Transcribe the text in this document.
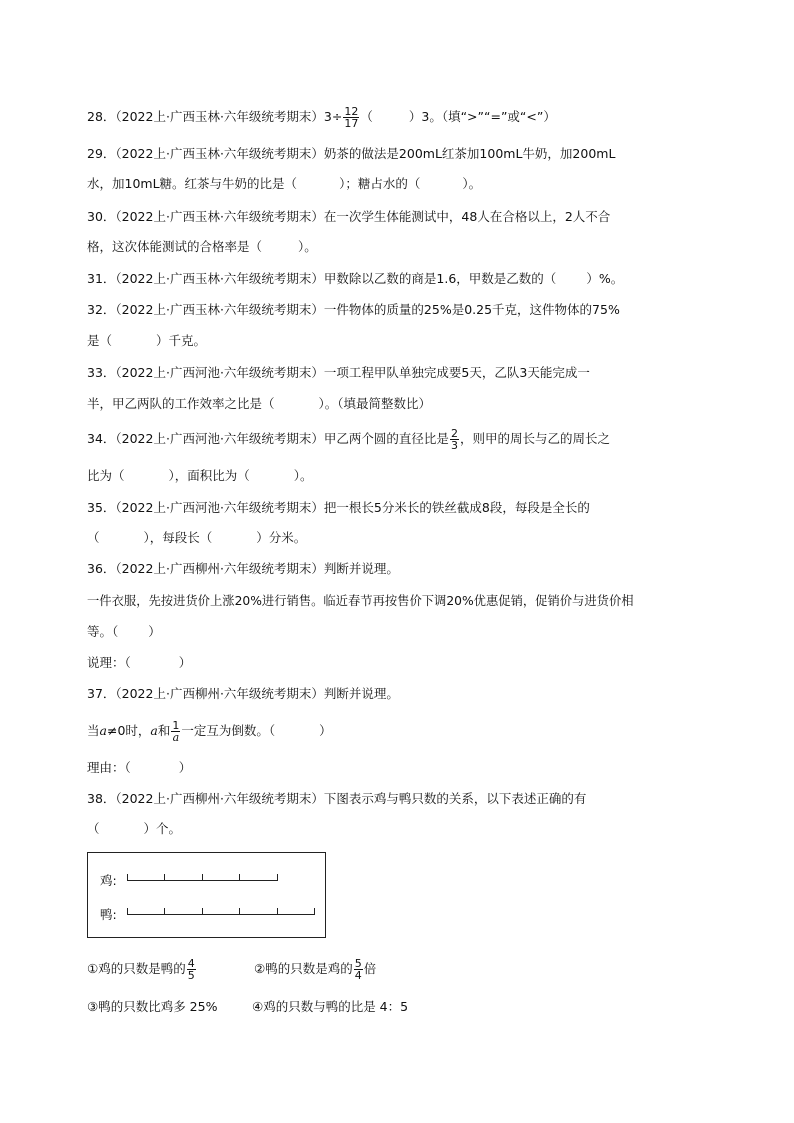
28．（2022上·广西玉林·六年级统考期末）$3\div \frac{12}{17}$ （	）3。（填“>”“=”或“<”）
29．（2022上·广西玉林·六年级统考期末）奶茶的做法是200mL红茶加100mL牛奶，加200mL
水，加10mL糖。红茶与牛奶的比是（	）；糖占水的（	）。
30．（2022上·广西玉林·六年级统考期末）在一次学生体能测试中，48人在合格以上，2人不合
格，这次体能测试的合格率是（	）。
31．（2022上·广西玉林·六年级统考期末）甲数除以乙数的商是1.6，甲数是乙数的（ ）%。
32．（2022上·广西玉林·六年级统考期末）一件物体的质量的25%是0.25千克，这件物体的75%
是（	）千克。
33．（2022上·广西河池·六年级统考期末）一项工程甲队单独完成要5天，乙队3天能完成一
半，甲乙两队的工作效率之比是（	）。（填最简整数比）
34．（2022上·广西河池·六年级统考期末）甲乙两个圆的直径比是 $\frac{2}{3}$ ，则甲的周长与乙的周长之
比为（	），面积比为（	）。
35．（2022上·广西河池·六年级统考期末）把一根长5分米长的铁丝截成8段，每段是全长的
（	），每段长（	）分米。
36．（2022上·广西柳州·六年级统考期末）判断并说理。
一件衣服，先按进货价上涨20%进行销售。临近春节再按售价下调20%优惠促销，促销价与进货价相
等。（ ）
说理：（	）
37．（2022上·广西柳州·六年级统考期末）判断并说理。
当a≠0时，a和 $\frac{1}{a}$ 一定互为倒数。（	）
理由：（	）
38．（2022上·广西柳州·六年级统考期末）下图表示鸡与鸭只数的关系，以下表述正确的有
（	）个。
鸡:
鸭:
①鸡的只数是鸭的 $\frac{4}{5}$	②鸭的只数是鸡的 $\frac{5}{4}$ 倍
③鸭的只数比鸡多 25%	④鸡的只数与鸭的比是 4：5
